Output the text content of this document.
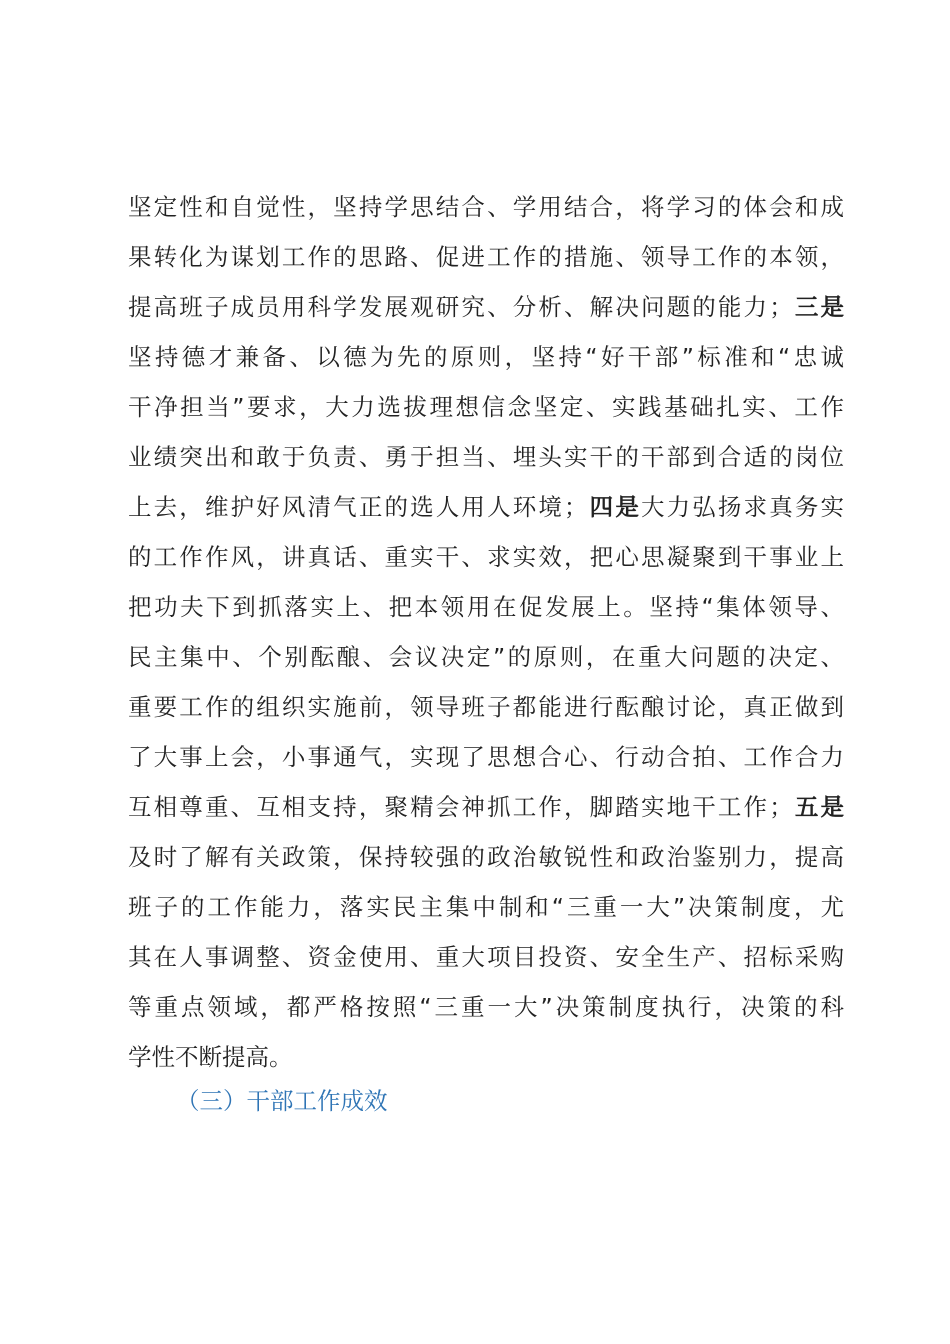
坚定性和自觉性，坚持学思结合、学用结合，将学习的体会和成
果转化为谋划工作的思路、促进工作的措施、领导工作的本领，
提高班子成员用科学发展观研究、分析、解决问题的能力；三是
坚持德才兼备、以德为先的原则，坚持“好干部”标准和“忠诚
干净担当”要求，大力选拔理想信念坚定、实践基础扎实、工作
业绩突出和敢于负责、勇于担当、埋头实干的干部到合适的岗位
上去，维护好风清气正的选人用人环境；四是大力弘扬求真务实
的工作作风，讲真话、重实干、求实效，把心思凝聚到干事业上
把功夫下到抓落实上、把本领用在促发展上。坚持“集体领导、
民主集中、个别酝酿、会议决定”的原则，在重大问题的决定、
重要工作的组织实施前，领导班子都能进行酝酿讨论，真正做到
了大事上会，小事通气，实现了思想合心、行动合拍、工作合力
互相尊重、互相支持，聚精会神抓工作，脚踏实地干工作；五是
及时了解有关政策，保持较强的政治敏锐性和政治鉴别力，提高
班子的工作能力，落实民主集中制和“三重一大”决策制度，尤
其在人事调整、资金使用、重大项目投资、安全生产、招标采购
等重点领域，都严格按照“三重一大”决策制度执行，决策的科
学性不断提高。
（三）干部工作成效
